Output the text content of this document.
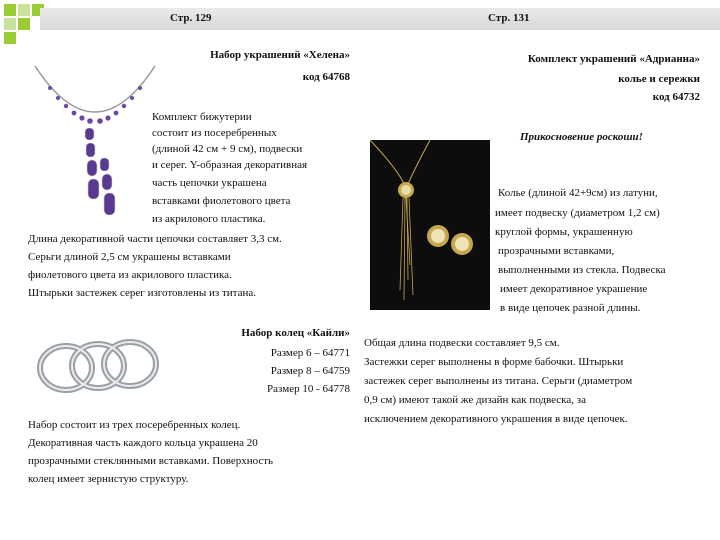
Стр. 129	Стр. 131
Набор украшений «Хелена»
код 64768
Комплект бижутерии
состоит из посеребренных
(длиной 42 см + 9 см), подвески
и серег. Y-образная декоративная
часть цепочки украшена
вставками фиолетового цвета
из акрилового пластика.
Длина декоративной части цепочки составляет 3,3 см.
Серьги длиной 2,5 см украшены вставками
фиолетового цвета из акрилового пластика.
Штырьки застежек серег изготовлены из титана.
Набор колец «Кайли»
Размер 6 – 64771
Размер 8 – 64759
Размер 10 - 64778
Набор состоит из трех посеребренных колец.
Декоративная часть каждого кольца украшена 20
прозрачными стеклянными вставками. Поверхность
колец имеет зернистую структуру.
Комплект украшений «Адрианна»
колье и сережки
код 64732
Прикосновение роскоши!
Колье (длиной 42+9см) из латуни,
имеет подвеску (диаметром 1,2 см)
круглой формы, украшенную
прозрачными вставками,
выполненными из стекла. Подвеска
имеет декоративное украшение
в виде цепочек разной длины.
Общая длина подвески составляет 9,5 см.
Застежки серег выполнены в форме бабочки. Штырьки
застежек серег выполнены из титана. Серьги (диаметром
0,9 см) имеют такой же дизайн как подвеска, за
исключением декоративного украшения в виде цепочек.
